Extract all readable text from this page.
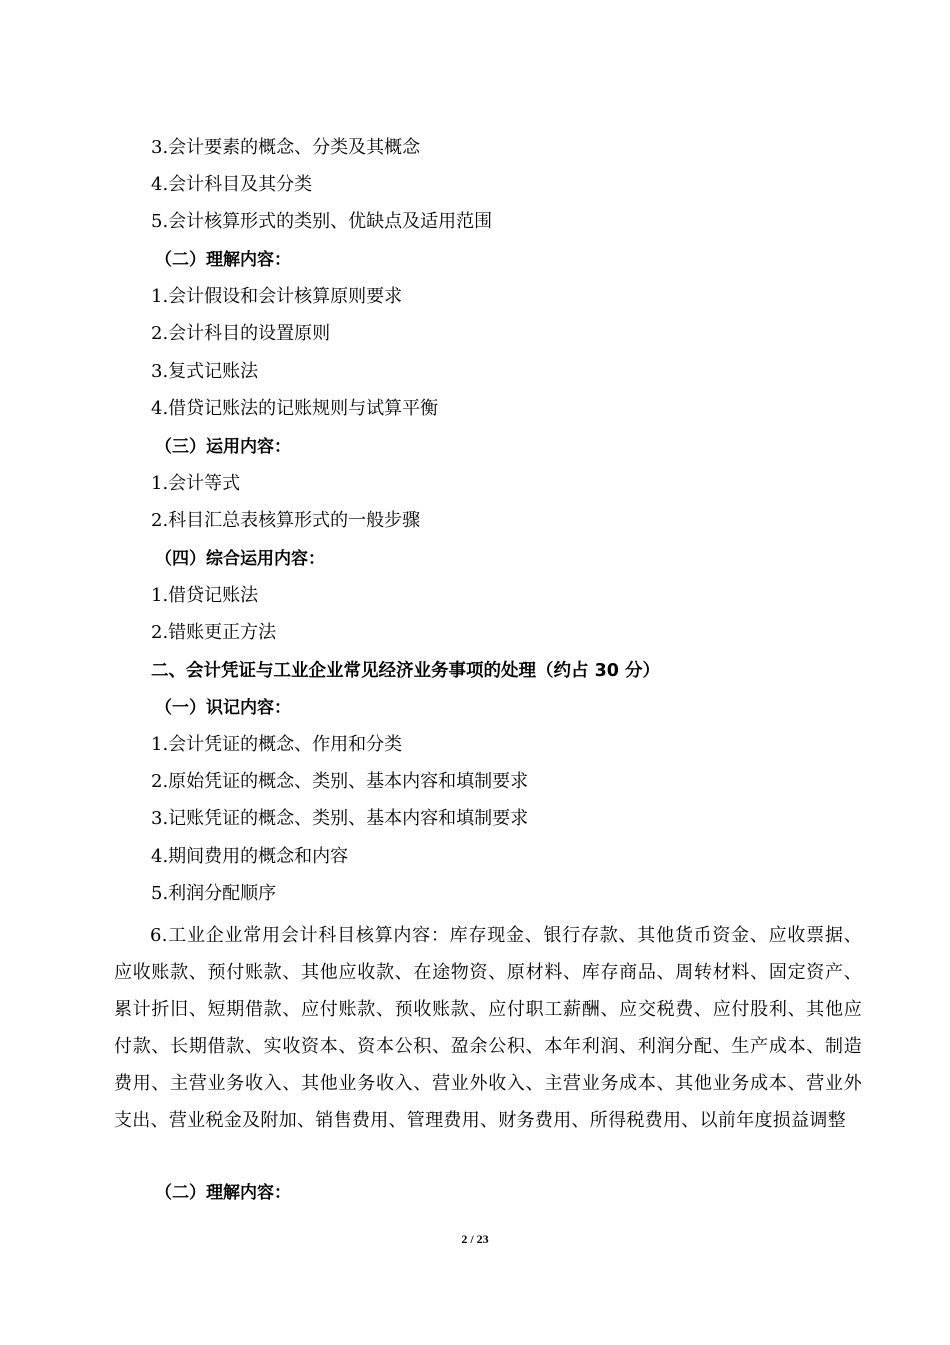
3.会计要素的概念、分类及其概念
4.会计科目及其分类
5.会计核算形式的类别、优缺点及适用范围
（二）理解内容：
1.会计假设和会计核算原则要求
2.会计科目的设置原则
3.复式记账法
4.借贷记账法的记账规则与试算平衡
（三）运用内容：
1.会计等式
2.科目汇总表核算形式的一般步骤
（四）综合运用内容：
1.借贷记账法
2.错账更正方法
二、会计凭证与工业企业常见经济业务事项的处理（约占 30 分）
（一）识记内容：
1.会计凭证的概念、作用和分类
2.原始凭证的概念、类别、基本内容和填制要求
3.记账凭证的概念、类别、基本内容和填制要求
4.期间费用的概念和内容
5.利润分配顺序
6.工业企业常用会计科目核算内容：库存现金、银行存款、其他货币资金、应收票据、应收账款、预付账款、其他应收款、在途物资、原材料、库存商品、周转材料、固定资产、累计折旧、短期借款、应付账款、预收账款、应付职工薪酬、应交税费、应付股利、其他应付款、长期借款、实收资本、资本公积、盈余公积、本年利润、利润分配、生产成本、制造费用、主营业务收入、其他业务收入、营业外收入、主营业务成本、其他业务成本、营业外支出、营业税金及附加、销售费用、管理费用、财务费用、所得税费用、以前年度损益调整
（二）理解内容：
2 / 23
